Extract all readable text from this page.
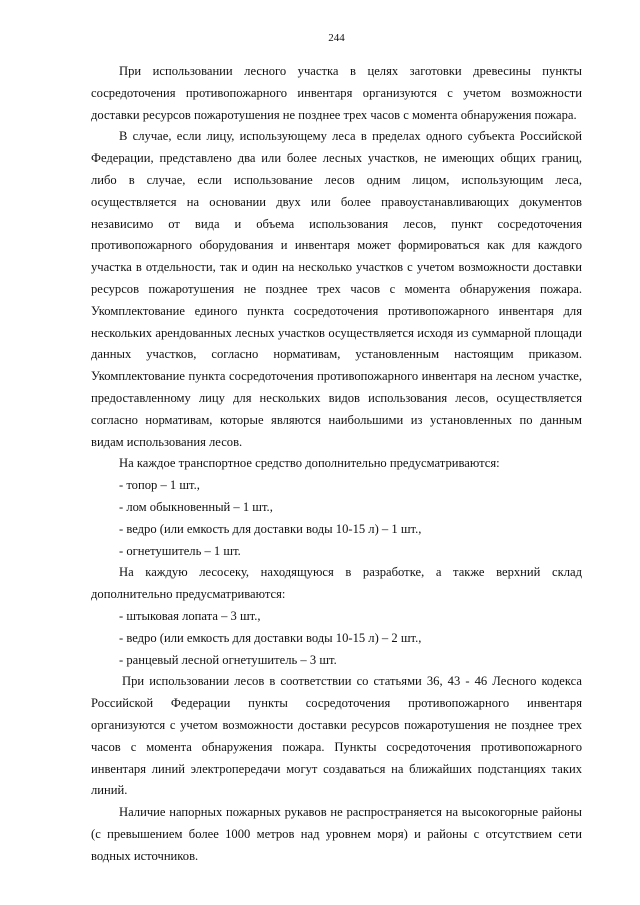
244

При использовании лесного участка в целях заготовки древесины пункты сосредоточения противопожарного инвентаря организуются с учетом возможности доставки ресурсов пожаротушения не позднее трех часов с момента обнаружения пожара.

В случае, если лицу, использующему леса в пределах одного субъекта Российской Федерации, представлено два или более лесных участков, не имеющих общих границ, либо в случае, если использование лесов одним лицом, использующим леса, осуществляется на основании двух или более правоустанавливающих документов независимо от вида и объема использования лесов, пункт сосредоточения противопожарного оборудования и инвентаря может формироваться как для каждого участка в отдельности, так и один на несколько участков с учетом возможности доставки ресурсов пожаротушения не позднее трех часов с момента обнаружения пожара. Укомплектование единого пункта сосредоточения противопожарного инвентаря для нескольких арендованных лесных участков осуществляется исходя из суммарной площади данных участков, согласно нормативам, установленным настоящим приказом. Укомплектование пункта сосредоточения противопожарного инвентаря на лесном участке, предоставленному лицу для нескольких видов использования лесов, осуществляется согласно нормативам, которые являются наибольшими из установленных по данным видам использования лесов.

На каждое транспортное средство дополнительно предусматриваются:

- топор – 1 шт.,
- лом обыкновенный – 1 шт.,
- ведро (или емкость для доставки воды 10-15 л) – 1 шт.,
- огнетушитель – 1 шт.

На каждую лесосеку, находящуюся в разработке, а также верхний склад дополнительно предусматриваются:

- штыковая лопата – 3 шт.,
- ведро (или емкость для доставки воды 10-15 л) – 2 шт.,
- ранцевый лесной огнетушитель – 3 шт.

При использовании лесов в соответствии со статьями 36, 43 - 46 Лесного кодекса Российской Федерации пункты сосредоточения противопожарного инвентаря организуются с учетом возможности доставки ресурсов пожаротушения не позднее трех часов с момента обнаружения пожара. Пункты сосредоточения противопожарного инвентаря линий электропередачи могут создаваться на ближайших подстанциях таких линий.

Наличие напорных пожарных рукавов не распространяется на высокогорные районы (с превышением более 1000 метров над уровнем моря) и районы с отсутствием сети водных источников.
